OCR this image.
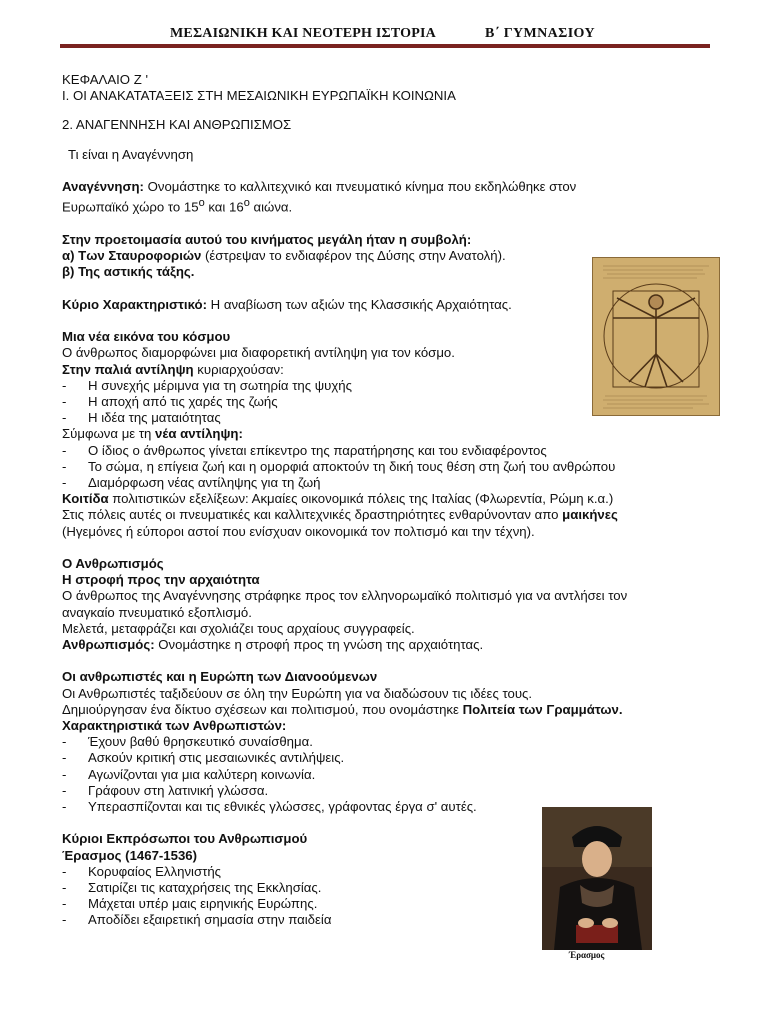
ΜΕΣΑΙΩΝΙΚΗ ΚΑΙ ΝΕΟΤΕΡΗ ΙΣΤΟΡΙΑ	Β΄ ΓΥΜΝΑΣΙΟΥ

ΚΕΦΑΛΑΙΟ Ζ '

Ι. ΟΙ ΑΝΑΚΑΤΑΤΑΞΕΙΣ ΣΤΗ ΜΕΣΑΙΩΝΙΚΗ ΕΥΡΩΠΑΪΚΗ ΚΟΙΝΩΝΙΑ

2. ΑΝΑΓΕΝΝΗΣΗ ΚΑΙ ΑΝΘΡΩΠΙΣΜΟΣ

Τι είναι η Αναγέννηση

Αναγέννηση: Ονομάστηκε το καλλιτεχνικό και πνευματικό κίνημα που εκδηλώθηκε στον

Ευρωπαϊκό χώρο το $15^o$ και $16^o$ αιώνα.

Στην προετοιμασία αυτού του κινήματος μεγάλη ήταν η συμβολή:

α) Των Σταυροφοριών (έστρεψαν το ενδιαφέρον της Δύσης στην Ανατολή).

β) Της αστικής τάξης.

Κύριο Χαρακτηριστικό: Η αναβίωση των αξιών της Κλασσικής Αρχαιότητας.

Μια νέα εικόνα του κόσμου

Ο άνθρωπος διαμορφώνει μια διαφορετική αντίληψη για τον κόσμο.

Στην παλιά αντίληψη κυριαρχούσαν:

- Η συνεχής μέριμνα για τη σωτηρία της ψυχής
- Η αποχή από τις χαρές της ζωής
- Η ιδέα της ματαιότητας

Σύμφωνα με τη νέα αντίληψη:

- Ο ίδιος ο άνθρωπος γίνεται επίκεντρο της παρατήρησης και του ενδιαφέροντος
- Το σώμα, η επίγεια ζωή και η ομορφιά αποκτούν τη δική τους θέση στη ζωή του ανθρώπου
- Διαμόρφωση νέας αντίληψης για τη ζωή

Κοιτίδα πολιτιστικών εξελίξεων: Ακμαίες οικονομικά πόλεις της Ιταλίας (Φλωρεντία, Ρώμη κ.α.)

Στις πόλεις αυτές οι πνευματικές και καλλιτεχνικές δραστηριότητες ενθαρύνονταν απο μαικήνες

(Ηγεμόνες ή εύποροι αστοί που ενίσχυαν οικονομικά τον πολτισμό και την τέχνη).

Ο Ανθρωπισμός

Η στροφή προς την αρχαιότητα

Ο άνθρωπος της Αναγέννησης στράφηκε προς τον ελληνορωμαϊκό πολιτισμό για να αντλήσει τον

αναγκαίο πνευματικό εξοπλισμό.

Μελετά, μεταφράζει και σχολιάζει τους αρχαίους συγγραφείς.

Ανθρωπισμός: Ονομάστηκε η στροφή προς τη γνώση της αρχαιότητας.

Οι ανθρωπιστές και η Ευρώπη των Διανοούμενων

Οι Ανθρωπιστές ταξιδεύουν σε όλη την Ευρώπη για να διαδώσουν τις ιδέες τους.

Δημιούργησαν ένα δίκτυο σχέσεων και πολιτισμού, που ονομάστηκε Πολιτεία των Γραμμάτων.

Χαρακτηριστικά των Ανθρωπιστών:

- Έχουν βαθύ θρησκευτικό συναίσθημα.
- Ασκούν κριτική στις μεσαιωνικές αντιλήψεις.
- Αγωνίζονται για μια καλύτερη κοινωνία.
- Γράφουν στη λατινική γλώσσα.
- Υπερασπίζονται και τις εθνικές γλώσσες, γράφοντας έργα σ' αυτές.

Κύριοι Εκπρόσωποι του Ανθρωπισμού

Έρασμος (1467-1536)

- Κορυφαίος Ελληνιστής
- Σατιρίζει τις καταχρήσεις της Εκκλησίας.
- Μάχεται υπέρ μαις ειρηνικής Ευρώπης.
- Αποδίδει εξαιρετική σημασία στην παιδεία
Έρασμος
